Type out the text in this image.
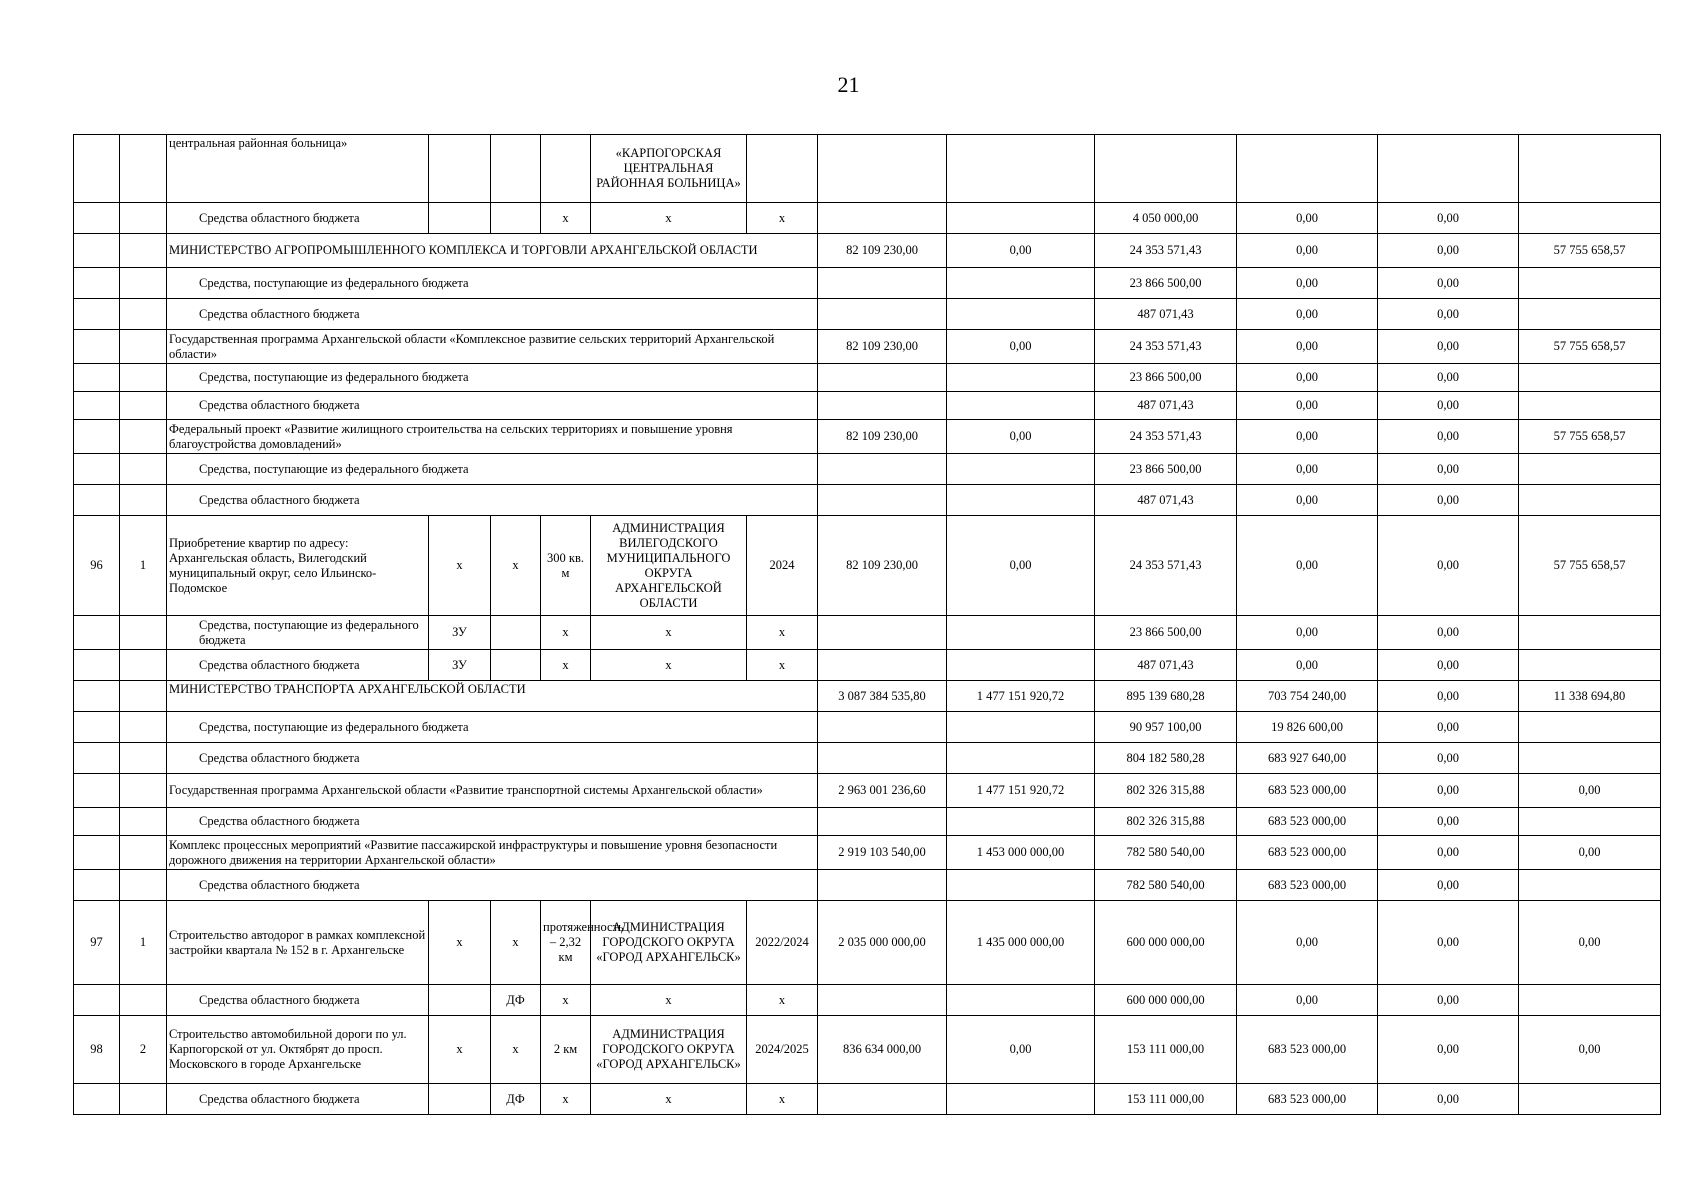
21
		центральная районная больница»				«КАРПОГОРСКАЯ ЦЕНТРАЛЬНАЯ РАЙОННАЯ БОЛЬНИЦА»							
		Средства областного бюджета			x	x	x			4 050 000,00	0,00	0,00	
		МИНИСТЕРСТВО АГРОПРОМЫШЛЕННОГО КОМПЛЕКСА И ТОРГОВЛИ АРХАНГЕЛЬСКОЙ ОБЛАСТИ						82 109 230,00	0,00	24 353 571,43	0,00	0,00	57 755 658,57
		Средства, поступающие из федерального бюджета								23 866 500,00	0,00	0,00	
		Средства областного бюджета								487 071,43	0,00	0,00	
		Государственная программа Архангельской области «Комплексное развитие сельских территорий Архангельской области»						82 109 230,00	0,00	24 353 571,43	0,00	0,00	57 755 658,57
		Средства, поступающие из федерального бюджета								23 866 500,00	0,00	0,00	
		Средства областного бюджета								487 071,43	0,00	0,00	
		Федеральный проект «Развитие жилищного строительства на сельских территориях и повышение уровня благоустройства домовладений»						82 109 230,00	0,00	24 353 571,43	0,00	0,00	57 755 658,57
		Средства, поступающие из федерального бюджета								23 866 500,00	0,00	0,00	
		Средства областного бюджета								487 071,43	0,00	0,00	
96	1	Приобретение квартир по адресу: Архангельская область, Вилегодский муниципальный округ, село Ильинско-Подомское	x	x	300 кв. м	АДМИНИСТРАЦИЯ ВИЛЕГОДСКОГО МУНИЦИПАЛЬНОГО ОКРУГА АРХАНГЕЛЬСКОЙ ОБЛАСТИ	2024	82 109 230,00	0,00	24 353 571,43	0,00	0,00	57 755 658,57
		Средства, поступающие из федерального бюджета	ЗУ		x	x	x			23 866 500,00	0,00	0,00	
		Средства областного бюджета	ЗУ		x	x	x			487 071,43	0,00	0,00	
		МИНИСТЕРСТВО ТРАНСПОРТА АРХАНГЕЛЬСКОЙ ОБЛАСТИ						3 087 384 535,80	1 477 151 920,72	895 139 680,28	703 754 240,00	0,00	11 338 694,80
		Средства, поступающие из федерального бюджета								90 957 100,00	19 826 600,00	0,00	
		Средства областного бюджета								804 182 580,28	683 927 640,00	0,00	
		Государственная программа Архангельской области «Развитие транспортной системы Архангельской области»						2 963 001 236,60	1 477 151 920,72	802 326 315,88	683 523 000,00	0,00	0,00
		Средства областного бюджета								802 326 315,88	683 523 000,00	0,00	
		Комплекс процессных мероприятий «Развитие пассажирской инфраструктуры и повышение уровня безопасности дорожного движения на территории Архангельской области»						2 919 103 540,00	1 453 000 000,00	782 580 540,00	683 523 000,00	0,00	0,00
		Средства областного бюджета								782 580 540,00	683 523 000,00	0,00	
97	1	Строительство автодорог в рамках комплексной застройки квартала № 152 в г. Архангельске	x	x	протяженность – 2,32 км	АДМИНИСТРАЦИЯ ГОРОДСКОГО ОКРУГА «ГОРОД АРХАНГЕЛЬСК»	2022/2024	2 035 000 000,00	1 435 000 000,00	600 000 000,00	0,00	0,00	0,00
		Средства областного бюджета		ДФ	x	x	x			600 000 000,00	0,00	0,00	
98	2	Строительство автомобильной дороги по ул. Карпогорской от ул. Октябрят до просп. Московского в городе Архангельске	x	x	2 км	АДМИНИСТРАЦИЯ ГОРОДСКОГО ОКРУГА «ГОРОД АРХАНГЕЛЬСК»	2024/2025	836 634 000,00	0,00	153 111 000,00	683 523 000,00	0,00	0,00
		Средства областного бюджета		ДФ	x	x	x			153 111 000,00	683 523 000,00	0,00	
